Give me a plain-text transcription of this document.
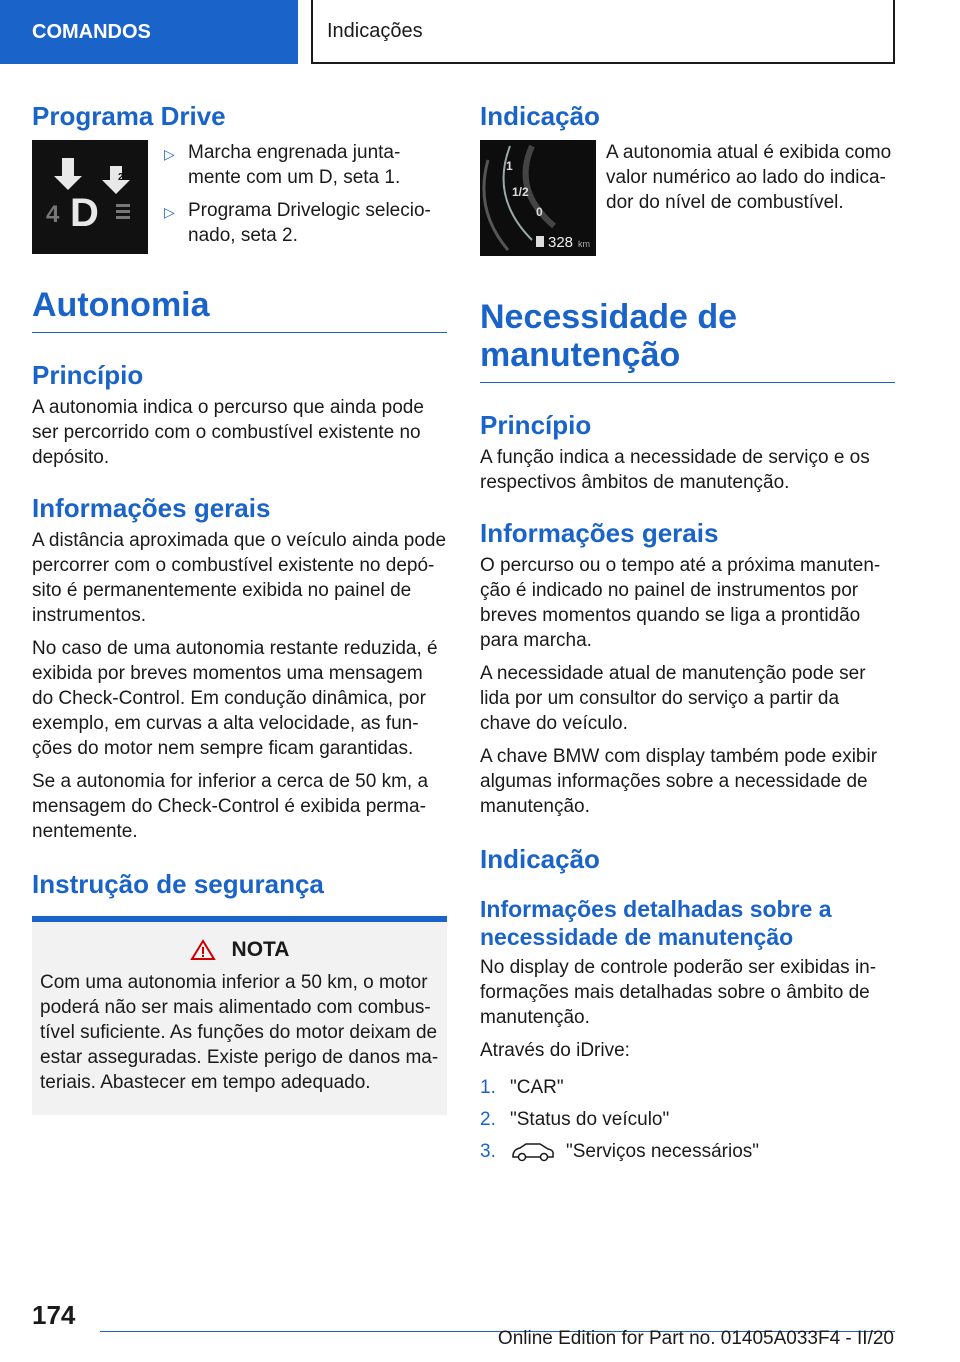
COMANDOS	Indicações
Programa Drive
1
2
4 D
▷ Marcha engrenada junta-mente com um D, seta 1.
▷ Programa Drivelogic selecio-nado, seta 2.
Autonomia
Princípio

A autonomia indica o percurso que ainda pode ser percorrido com o combustível existente no depósito.

Informações gerais

A distância aproximada que o veículo ainda pode percorrer com o combustível existente no depó-sito é permanentemente exibida no painel de instrumentos.

No caso de uma autonomia restante reduzida, é exibida por breves momentos uma mensagem do Check-Control. Em condução dinâmica, por exemplo, em curvas a alta velocidade, as fun-ções do motor nem sempre ficam garantidas.

Se a autonomia for inferior a cerca de 50 km, a mensagem do Check-Control é exibida perma-nentemente.

Instrução de segurança
NOTA

Com uma autonomia inferior a 50 km, o motor poderá não ser mais alimentado com combus-tível suficiente. As funções do motor deixam de estar asseguradas. Existe perigo de danos ma-teriais. Abastecer em tempo adequado.

Indicação
1
1/2
0
328 km

A autonomia atual é exibida como valor numérico ao lado do indica-dor do nível de combustível.

Necessidade de manutenção
Princípio

A função indica a necessidade de serviço e os respectivos âmbitos de manutenção.

Informações gerais

O percurso ou o tempo até a próxima manuten-ção é indicado no painel de instrumentos por breves momentos quando se liga a prontidão para marcha.

A necessidade atual de manutenção pode ser lida por um consultor do serviço a partir da chave do veículo.

A chave BMW com display também pode exibir algumas informações sobre a necessidade de manutenção.

Indicação
Informações detalhadas sobre a necessidade de manutenção

No display de controle poderão ser exibidas in-formações mais detalhadas sobre o âmbito de manutenção.

Através do iDrive:

1. "CAR"
2. "Status do veículo"
3.	"Serviços necessários"
174
Online Edition for Part no. 01405A033F4 - II/20
